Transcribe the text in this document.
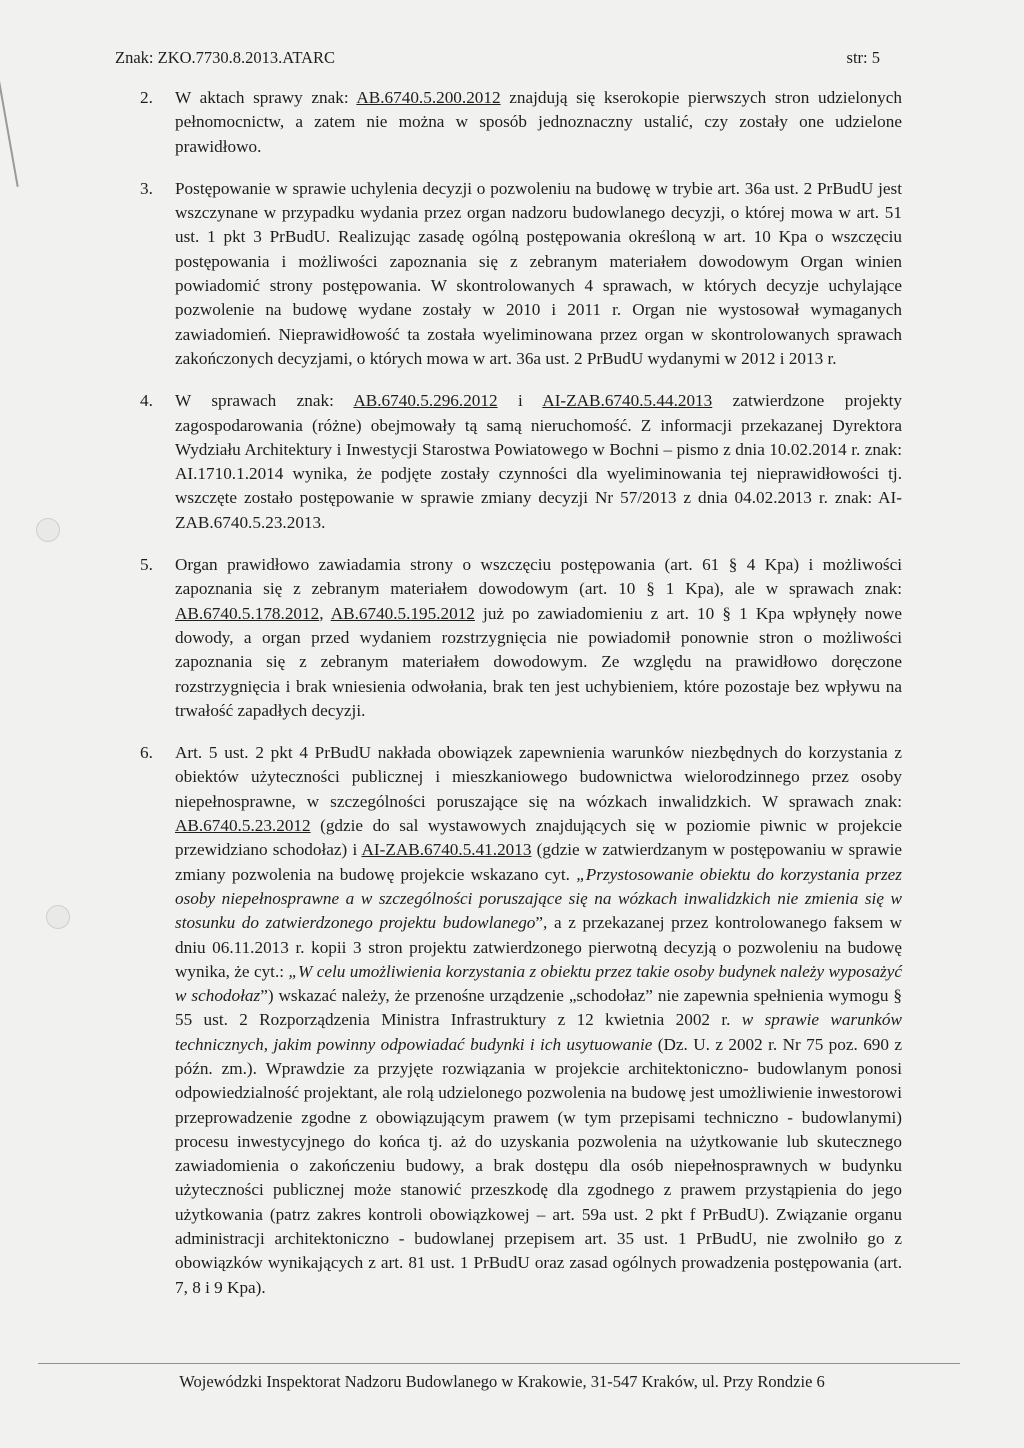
Znak: ZKO.7730.8.2013.ATARC	str: 5
2. W aktach sprawy znak: AB.6740.5.200.2012 znajdują się kserokopie pierwszych stron udzielonych pełnomocnictw, a zatem nie można w sposób jednoznaczny ustalić, czy zostały one udzielone prawidłowo.
3. Postępowanie w sprawie uchylenia decyzji o pozwoleniu na budowę w trybie art. 36a ust. 2 PrBudU jest wszczynane w przypadku wydania przez organ nadzoru budowlanego decyzji, o której mowa w art. 51 ust. 1 pkt 3 PrBudU. Realizując zasadę ogólną postępowania określoną w art. 10 Kpa o wszczęciu postępowania i możliwości zapoznania się z zebranym materiałem dowodowym Organ winien powiadomić strony postępowania. W skontrolowanych 4 sprawach, w których decyzje uchylające pozwolenie na budowę wydane zostały w 2010 i 2011 r. Organ nie wystosował wymaganych zawiadomień. Nieprawidłowość ta została wyeliminowana przez organ w skontrolowanych sprawach zakończonych decyzjami, o których mowa w art. 36a ust. 2 PrBudU wydanymi w 2012 i 2013 r.
4. W sprawach znak: AB.6740.5.296.2012 i AI-ZAB.6740.5.44.2013 zatwierdzone projekty zagospodarowania (różne) obejmowały tą samą nieruchomość. Z informacji przekazanej Dyrektora Wydziału Architektury i Inwestycji Starostwa Powiatowego w Bochni – pismo z dnia 10.02.2014 r. znak: AI.1710.1.2014 wynika, że podjęte zostały czynności dla wyeliminowania tej nieprawidłowości tj. wszczęte zostało postępowanie w sprawie zmiany decyzji Nr 57/2013 z dnia 04.02.2013 r. znak: AI-ZAB.6740.5.23.2013.
5. Organ prawidłowo zawiadamia strony o wszczęciu postępowania (art. 61 § 4 Kpa) i możliwości zapoznania się z zebranym materiałem dowodowym (art. 10 § 1 Kpa), ale w sprawach znak: AB.6740.5.178.2012, AB.6740.5.195.2012 już po zawiadomieniu z art. 10 § 1 Kpa wpłynęły nowe dowody, a organ przed wydaniem rozstrzygnięcia nie powiadomił ponownie stron o możliwości zapoznania się z zebranym materiałem dowodowym. Ze względu na prawidłowo doręczone rozstrzygnięcia i brak wniesienia odwołania, brak ten jest uchybieniem, które pozostaje bez wpływu na trwałość zapadłych decyzji.
6. Art. 5 ust. 2 pkt 4 PrBudU nakłada obowiązek zapewnienia warunków niezbędnych do korzystania z obiektów użyteczności publicznej i mieszkaniowego budownictwa wielorodzinnego przez osoby niepełnosprawne, w szczególności poruszające się na wózkach inwalidzkich. W sprawach znak: AB.6740.5.23.2012 (gdzie do sal wystawowych znajdujących się w poziomie piwnic w projekcie przewidziano schodołaz) i AI-ZAB.6740.5.41.2013 (gdzie w zatwierdzanym w postępowaniu w sprawie zmiany pozwolenia na budowę projekcie wskazano cyt. „Przystosowanie obiektu do korzystania przez osoby niepełnosprawne a w szczególności poruszające się na wózkach inwalidzkich nie zmienia się w stosunku do zatwierdzonego projektu budowlanego”, a z przekazanej przez kontrolowanego faksem w dniu 06.11.2013 r. kopii 3 stron projektu zatwierdzonego pierwotną decyzją o pozwoleniu na budowę wynika, że cyt.: „W celu umożliwienia korzystania z obiektu przez takie osoby budynek należy wyposażyć w schodołaz”) wskazać należy, że przenośne urządzenie „schodołaz” nie zapewnia spełnienia wymogu § 55 ust. 2 Rozporządzenia Ministra Infrastruktury z 12 kwietnia 2002 r. w sprawie warunków technicznych, jakim powinny odpowiadać budynki i ich usytuowanie (Dz. U. z 2002 r. Nr 75 poz. 690 z późn. zm.). Wprawdzie za przyjęte rozwiązania w projekcie architektoniczno- budowlanym ponosi odpowiedzialność projektant, ale rolą udzielonego pozwolenia na budowę jest umożliwienie inwestorowi przeprowadzenie zgodne z obowiązującym prawem (w tym przepisami techniczno - budowlanymi) procesu inwestycyjnego do końca tj. aż do uzyskania pozwolenia na użytkowanie lub skutecznego zawiadomienia o zakończeniu budowy, a brak dostępu dla osób niepełnosprawnych w budynku użyteczności publicznej może stanowić przeszkodę dla zgodnego z prawem przystąpienia do jego użytkowania (patrz zakres kontroli obowiązkowej – art. 59a ust. 2 pkt f PrBudU). Związanie organu administracji architektoniczno - budowlanej przepisem art. 35 ust. 1 PrBudU, nie zwolniło go z obowiązków wynikających z art. 81 ust. 1 PrBudU oraz zasad ogólnych prowadzenia postępowania (art. 7, 8 i 9 Kpa).
Wojewódzki Inspektorat Nadzoru Budowlanego w Krakowie, 31-547 Kraków, ul. Przy Rondzie 6
